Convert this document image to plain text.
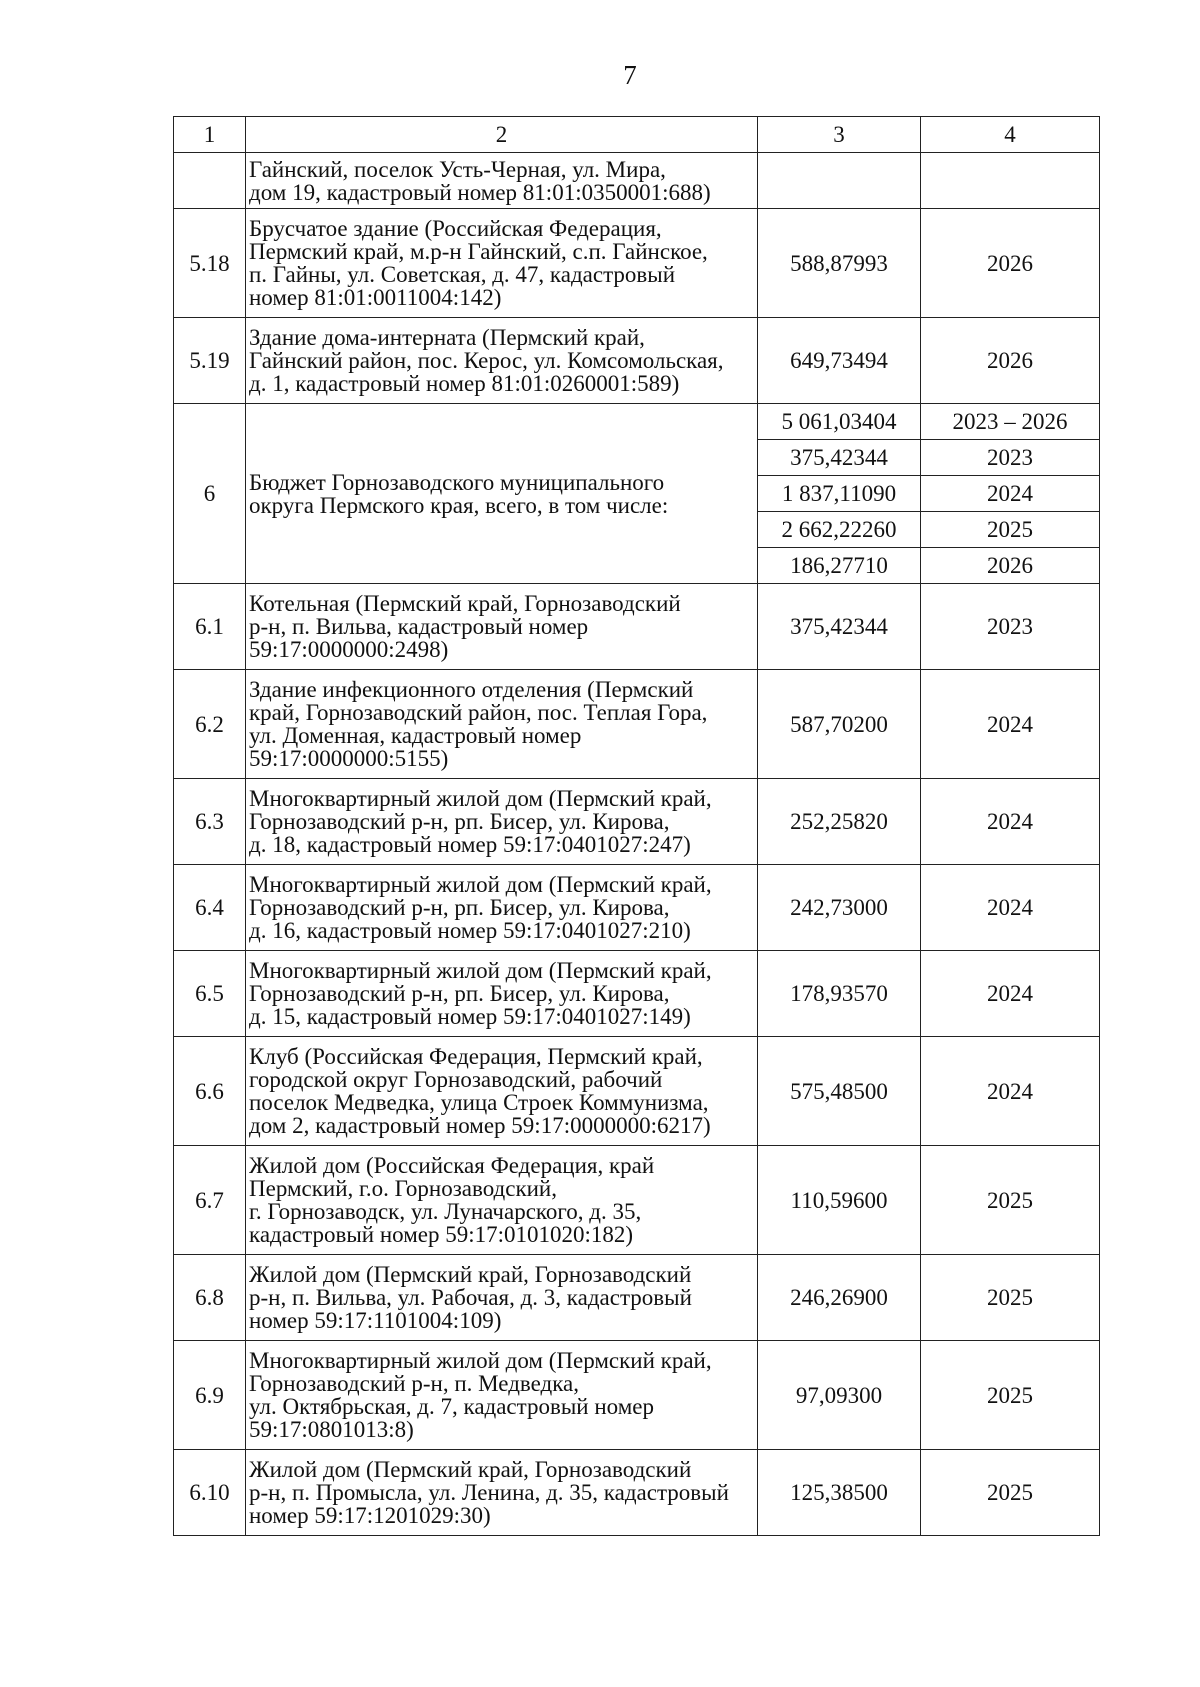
7
1	2	3	4

	Гайнский, поселок Усть-Черная, ул. Мира,
дом 19, кадастровый номер 81:01:0350001:688)		

5.18	Брусчатое здание (Российская Федерация,
Пермский край, м.р-н Гайнский, с.п. Гайнское,
п. Гайны, ул. Советская, д. 47, кадастровый
номер 81:01:0011004:142)	588,87993	2026
5.19	Здание дома-интерната (Пермский край,
Гайнский район, пос. Керос, ул. Комсомольская,
д. 1, кадастровый номер 81:01:0260001:589)	649,73494	2026
6	Бюджет Горнозаводского муниципального
округа Пермского края, всего, в том числе:	5 061,03404	2023 – 2026
		375,42344	2023
		1 837,11090	2024
		2 662,22260	2025
		186,27710	2026
6.1	Котельная (Пермский край, Горнозаводский
р-н, п. Вильва, кадастровый номер
59:17:0000000:2498)	375,42344	2023
6.2	Здание инфекционного отделения (Пермский
край, Горнозаводский район, пос. Теплая Гора,
ул. Доменная, кадастровый номер
59:17:0000000:5155)	587,70200	2024
6.3	Многоквартирный жилой дом (Пермский край,
Горнозаводский р-н, рп. Бисер, ул. Кирова,
д. 18, кадастровый номер 59:17:0401027:247)	252,25820	2024
6.4	Многоквартирный жилой дом (Пермский край,
Горнозаводский р-н, рп. Бисер, ул. Кирова,
д. 16, кадастровый номер 59:17:0401027:210)	242,73000	2024
6.5	Многоквартирный жилой дом (Пермский край,
Горнозаводский р-н, рп. Бисер, ул. Кирова,
д. 15, кадастровый номер 59:17:0401027:149)	178,93570	2024
6.6	Клуб (Российская Федерация, Пермский край,
городской округ Горнозаводский, рабочий
поселок Медведка, улица Строек Коммунизма,
дом 2, кадастровый номер 59:17:0000000:6217)	575,48500	2024
6.7	Жилой дом (Российская Федерация, край
Пермский, г.о. Горнозаводский,
г. Горнозаводск, ул. Луначарского, д. 35,
кадастровый номер 59:17:0101020:182)	110,59600	2025
6.8	Жилой дом (Пермский край, Горнозаводский
р-н, п. Вильва, ул. Рабочая, д. 3, кадастровый
номер 59:17:1101004:109)	246,26900	2025
6.9	Многоквартирный жилой дом (Пермский край,
Горнозаводский р-н, п. Медведка,
ул. Октябрьская, д. 7, кадастровый номер
59:17:0801013:8)	97,09300	2025
6.10	Жилой дом (Пермский край, Горнозаводский
р-н, п. Промысла, ул. Ленина, д. 35, кадастровый
номер 59:17:1201029:30)	125,38500	2025
